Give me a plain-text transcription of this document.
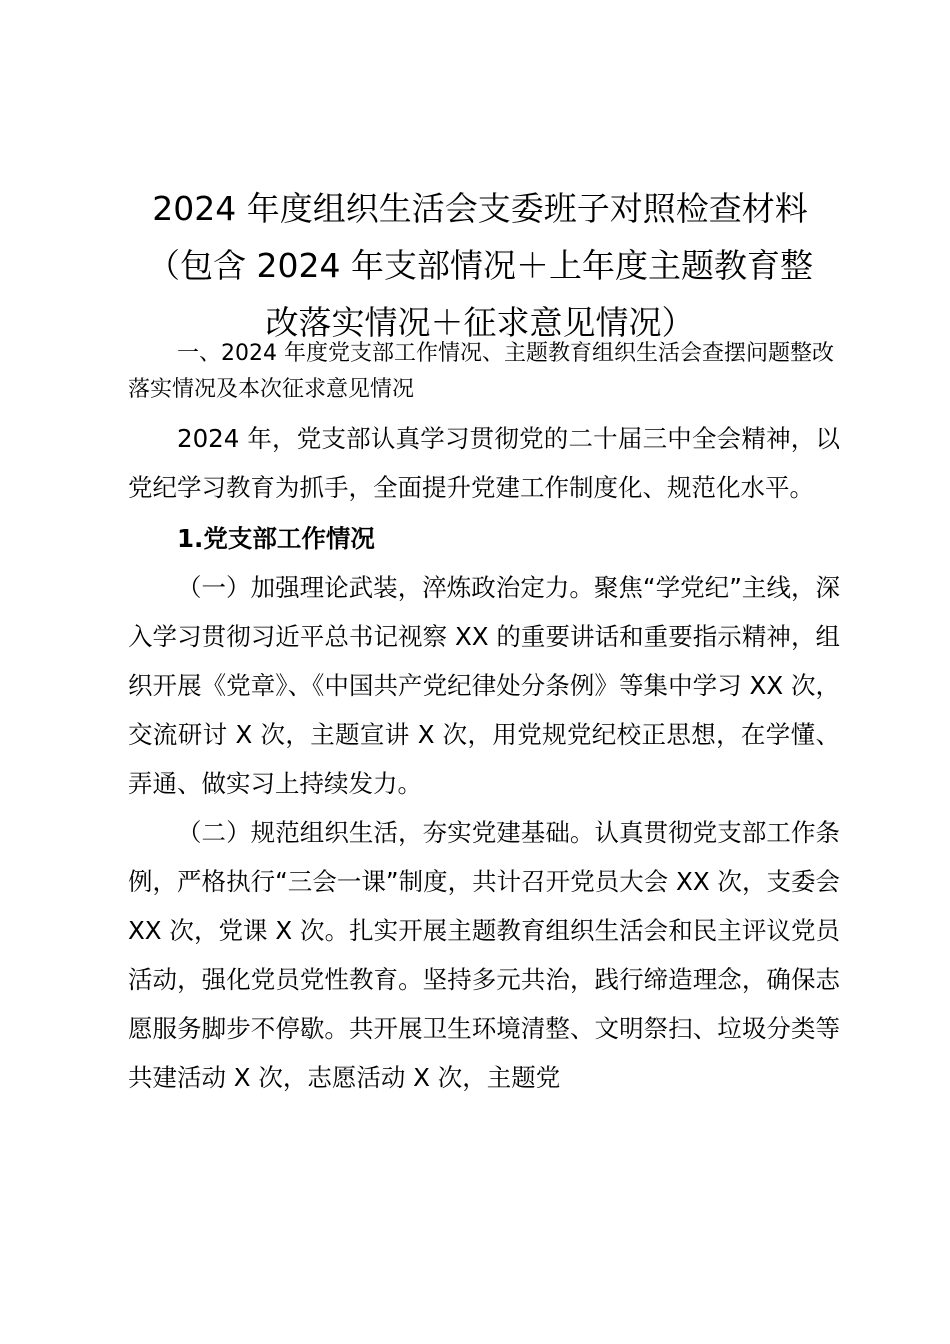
2024 年度组织生活会支委班子对照检查材料
（包含 2024 年支部情况＋上年度主题教育整
改落实情况＋征求意见情况）

一、2024 年度党支部工作情况、主题教育组织生活会查摆问题整改落实情况及本次征求意见情况

2024 年，党支部认真学习贯彻党的二十届三中全会精神，以党纪学习教育为抓手，全面提升党建工作制度化、规范化水平。

1.党支部工作情况

（一）加强理论武装，淬炼政治定力。聚焦“学党纪”主线，深入学习贯彻习近平总书记视察 XX 的重要讲话和重要指示精神，组织开展《党章》、《中国共产党纪律处分条例》等集中学习 XX 次，交流研讨 X 次，主题宣讲 X 次，用党规党纪校正思想，在学懂、弄通、做实习上持续发力。

（二）规范组织生活，夯实党建基础。认真贯彻党支部工作条例，严格执行“三会一课”制度，共计召开党员大会 XX 次，支委会 XX 次，党课 X 次。扎实开展主题教育组织生活会和民主评议党员活动，强化党员党性教育。坚持多元共治，践行缔造理念，确保志愿服务脚步不停歇。共开展卫生环境清整、文明祭扫、垃圾分类等共建活动 X 次，志愿活动 X 次，主题党
